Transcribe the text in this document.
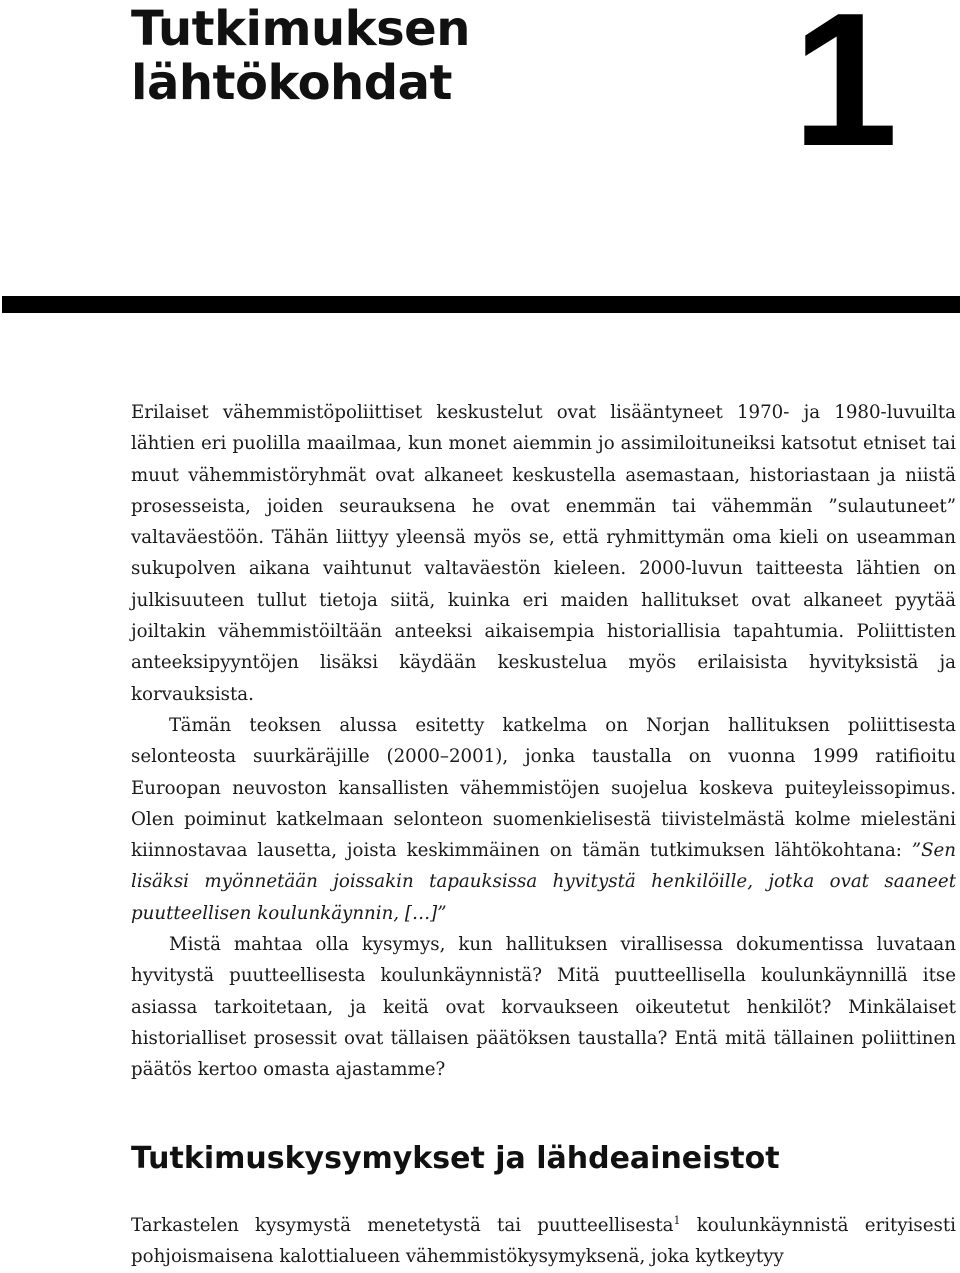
Tutkimuksen
lähtökohdat 1

Erilaiset vähemmistöpoliittiset keskustelut ovat lisääntyneet 1970- ja 1980-luvuilta lähtien eri puolilla maailmaa, kun monet aiemmin jo assimiloituneiksi katsotut etniset tai muut vähemmistöryhmät ovat alkaneet keskustella asemastaan, historiastaan ja niistä prosesseista, joiden seurauksena he ovat enemmän tai vähemmän ”sulautuneet” valtaväestöön. Tähän liittyy yleensä myös se, että ryhmittymän oma kieli on useamman sukupolven aikana vaihtunut valtaväestön kieleen. 2000-luvun taitteesta lähtien on julkisuuteen tullut tietoja siitä, kuinka eri maiden hallitukset ovat alkaneet pyytää joiltakin vähemmistöiltään anteeksi aikaisempia historiallisia tapahtumia. Poliittisten anteeksipyyntöjen lisäksi käydään keskustelua myös erilaisista hyvityksistä ja korvauksista.

Tämän teoksen alussa esitetty katkelma on Norjan hallituksen poliittisesta selonteosta suurkäräjille (2000–2001), jonka taustalla on vuonna 1999 ratifioitu Euroopan neuvoston kansallisten vähemmistöjen suojelua koskeva puiteyleissopimus. Olen poiminut katkelmaan selonteon suomenkielisestä tiivistelmästä kolme mielestäni kiinnostavaa lausetta, joista keskimmäinen on tämän tutkimuksen lähtökohtana: ”Sen lisäksi myönnetään joissakin tapauksissa hyvitystä henkilöille, jotka ovat saaneet puutteellisen koulunkäynnin, […]”

Mistä mahtaa olla kysymys, kun hallituksen virallisessa dokumentissa luvataan hyvitystä puutteellisesta koulunkäynnistä? Mitä puutteellisella koulunkäynnillä itse asiassa tarkoitetaan, ja keitä ovat korvaukseen oikeutetut henkilöt? Minkälaiset historialliset prosessit ovat tällaisen päätöksen taustalla? Entä mitä tällainen poliittinen päätös kertoo omasta ajastamme?

Tutkimuskysymykset ja lähdeaineistot

Tarkastelen kysymystä menetetystä tai puutteellisesta$^1$ koulunkäynnistä erityisesti pohjoismaisena kalottialueen vähemmistökysymyksenä, joka kytkeytyy
